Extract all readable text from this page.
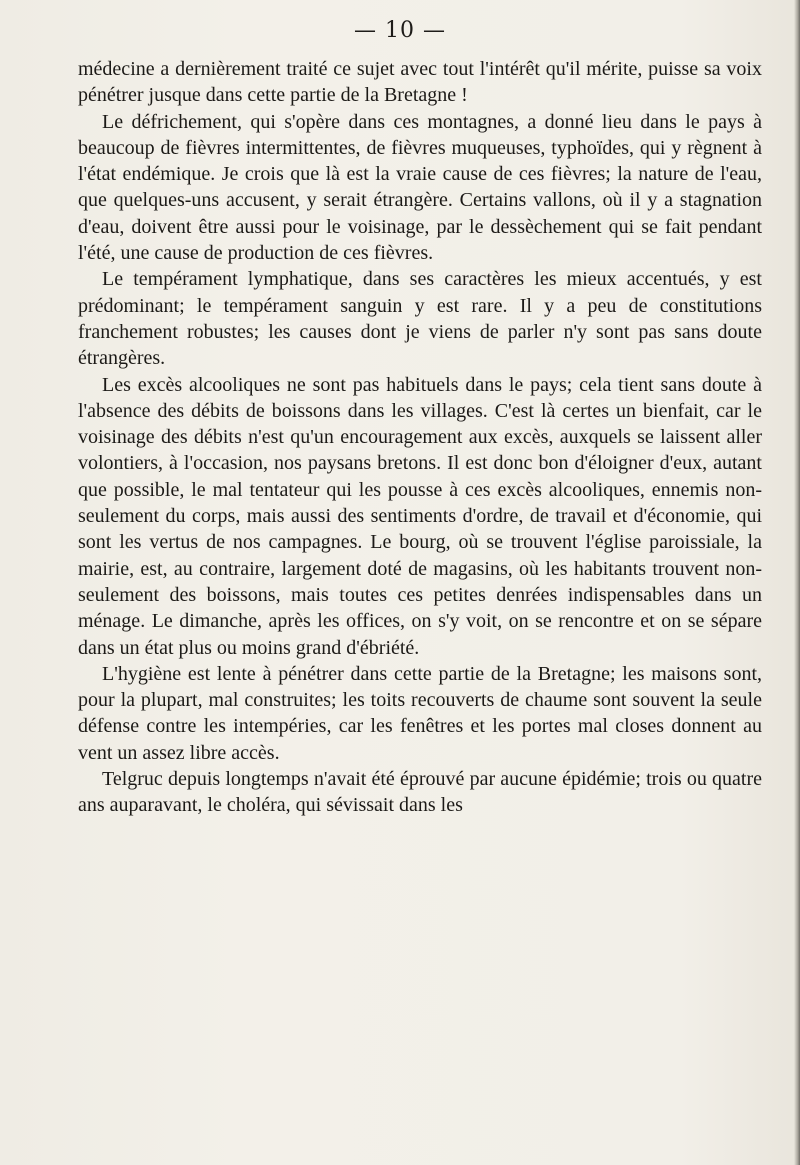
— 10 —

médecine a dernièrement traité ce sujet avec tout l'intérêt qu'il mérite, puisse sa voix pénétrer jusque dans cette partie de la Bretagne !

Le défrichement, qui s'opère dans ces montagnes, a donné lieu dans le pays à beaucoup de fièvres intermittentes, de fièvres muqueuses, typhoïdes, qui y règnent à l'état endémique. Je crois que là est la vraie cause de ces fièvres; la nature de l'eau, que quelques-uns accusent, y serait étrangère. Certains vallons, où il y a stagnation d'eau, doivent être aussi pour le voisinage, par le dessèchement qui se fait pendant l'été, une cause de production de ces fièvres.

Le tempérament lymphatique, dans ses caractères les mieux accentués, y est prédominant; le tempérament sanguin y est rare. Il y a peu de constitutions franchement robustes; les causes dont je viens de parler n'y sont pas sans doute étrangères.

Les excès alcooliques ne sont pas habituels dans le pays; cela tient sans doute à l'absence des débits de boissons dans les villages. C'est là certes un bienfait, car le voisinage des débits n'est qu'un encouragement aux excès, auxquels se laissent aller volontiers, à l'occasion, nos paysans bretons. Il est donc bon d'éloigner d'eux, autant que possible, le mal tentateur qui les pousse à ces excès alcooliques, ennemis non-seulement du corps, mais aussi des sentiments d'ordre, de travail et d'économie, qui sont les vertus de nos campagnes. Le bourg, où se trouvent l'église paroissiale, la mairie, est, au contraire, largement doté de magasins, où les habitants trouvent non-seulement des boissons, mais toutes ces petites denrées indispensables dans un ménage. Le dimanche, après les offices, on s'y voit, on se rencontre et on se sépare dans un état plus ou moins grand d'ébriété.

L'hygiène est lente à pénétrer dans cette partie de la Bretagne; les maisons sont, pour la plupart, mal construites; les toits recouverts de chaume sont souvent la seule défense contre les intempéries, car les fenêtres et les portes mal closes donnent au vent un assez libre accès.

Telgruc depuis longtemps n'avait été éprouvé par aucune épidémie; trois ou quatre ans auparavant, le choléra, qui sévissait dans les
